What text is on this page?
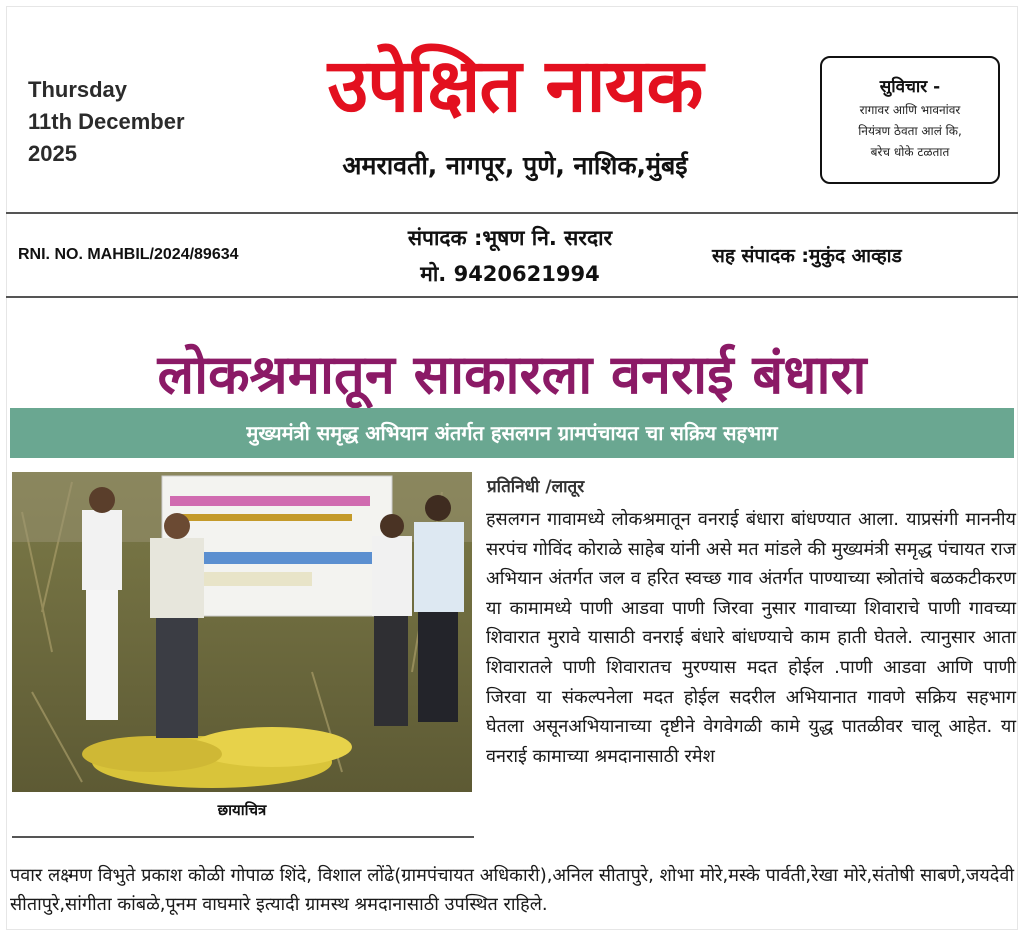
Thursday
11th December
2025
उपेक्षित नायक
अमरावती, नागपूर, पुणे, नाशिक,मुंबई
सुविचार -
रागावर आणि भावनांवर
नियंत्रण ठेवता आलं कि,
बरेच धोके टळतात
RNI. NO. MAHBIL/2024/89634
संपादक :भूषण नि. सरदार
मो. 9420621994
सह संपादक :मुकुंद आव्हाड
लोकश्रमातून साकारला वनराई बंधारा
मुख्यमंत्री समृद्ध अभियान अंतर्गत हसलगन ग्रामपंचायत चा सक्रिय सहभाग
छायाचित्र
प्रतिनिधी /लातूर
हसलगन गावामध्ये लोकश्रमातून वनराई बंधारा बांधण्यात आला. याप्रसंगी माननीय सरपंच गोविंद कोराळे साहेब यांनी असे मत मांडले की मुख्यमंत्री समृद्ध पंचायत राज अभियान अंतर्गत जल व हरित स्वच्छ गाव अंतर्गत पाण्याच्या स्त्रोतांचे बळकटीकरण या कामामध्ये पाणी आडवा पाणी जिरवा नुसार गावाच्या शिवाराचे पाणी गावच्या शिवारात मुरावे यासाठी वनराई बंधारे बांधण्याचे काम हाती घेतले. त्यानुसार आता शिवारातले पाणी शिवारातच मुरण्यास मदत होईल .पाणी आडवा आणि पाणी जिरवा या संकल्पनेला मदत होईल सदरील अभियानात गावणे सक्रिय सहभाग घेतला असूनअभियानाच्या दृष्टीने वेगवेगळी कामे युद्ध पातळीवर चालू आहेत. या वनराई कामाच्या श्रमदानासाठी रमेश
पवार लक्ष्मण विभुते प्रकाश कोळी गोपाळ शिंदे, विशाल लोंढे(ग्रामपंचायत अधिकारी),अनिल सीतापुरे, शोभा मोरे,मस्के पार्वती,रेखा मोरे,संतोषी साबणे,जयदेवी सीतापुरे,सांगीता कांबळे,पूनम वाघमारे इत्यादी ग्रामस्थ श्रमदानासाठी उपस्थित राहिले.
